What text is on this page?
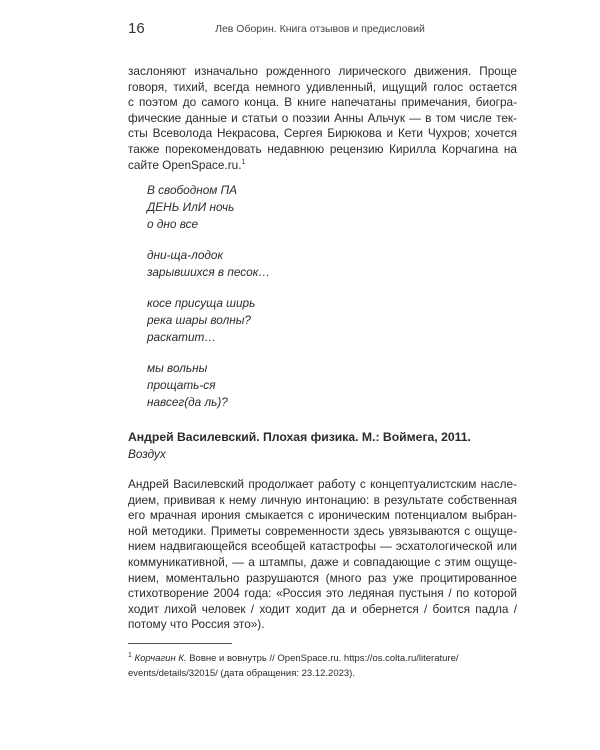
16	Лев Оборин. Книга отзывов и предисловий
заслоняют изначально рожденного лирического движения. Проще
говоря, тихий, всегда немного удивленный, ищущий голос остается
с поэтом до самого конца. В книге напечатаны примечания, биогра-
фические данные и статьи о поэзии Анны Альчук — в том числе тек-
сты Всеволода Некрасова, Сергея Бирюкова и Кети Чухров; хочется
также порекомендовать недавнюю рецензию Кирилла Корчагина на
сайте OpenSpace.ru.$^1$
В свободном ПА
ДЕНЬ ИлИ ночь
о дно все
дни-ща-лодок
зарывшихся в песок…
косе присуща ширь
река шары волны?
раскатит…
мы вольны
прощать-ся
навсег(да ль)?
Андрей Василевский. Плохая физика. М.: Воймега, 2011.
Воздух
Андрей Василевский продолжает работу с концептуалистским насле-
дием, прививая к нему личную интонацию: в результате собственная
его мрачная ирония смыкается с ироническим потенциалом выбран-
ной методики. Приметы современности здесь увязываются с ощуще-
нием надвигающейся всеобщей катастрофы — эсхатологической или
коммуникативной, — а штампы, даже и совпадающие с этим ощуще-
нием, моментально разрушаются (много раз уже процитированное
стихотворение 2004 года: «Россия это ледяная пустыня / по которой
ходит лихой человек / ходит ходит да и обернется / боится падла /
потому что Россия это»).
$^1$ Корчагин К. Вовне и вовнутрь // OpenSpace.ru. https://os.colta.ru/literature/
events/details/32015/ (дата обращения: 23.12.2023).
